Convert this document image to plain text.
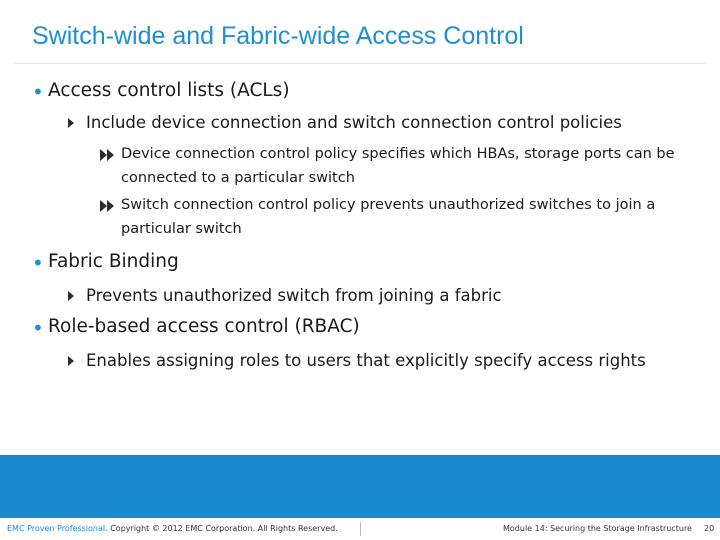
Switch-wide and Fabric-wide Access Control
• Access control lists (ACLs)
Include device connection and switch connection control policies
Device connection control policy specifies which HBAs, storage ports can be connected to a particular switch
Switch connection control policy prevents unauthorized switches to join a particular switch
• Fabric Binding
Prevents unauthorized switch from joining a fabric
• Role-based access control (RBAC)
Enables assigning roles to users that explicitly specify access rights
EMC Proven Professional. Copyright © 2012 EMC Corporation. All Rights Reserved.	Module 14: Securing the Storage Infrastructure 20
